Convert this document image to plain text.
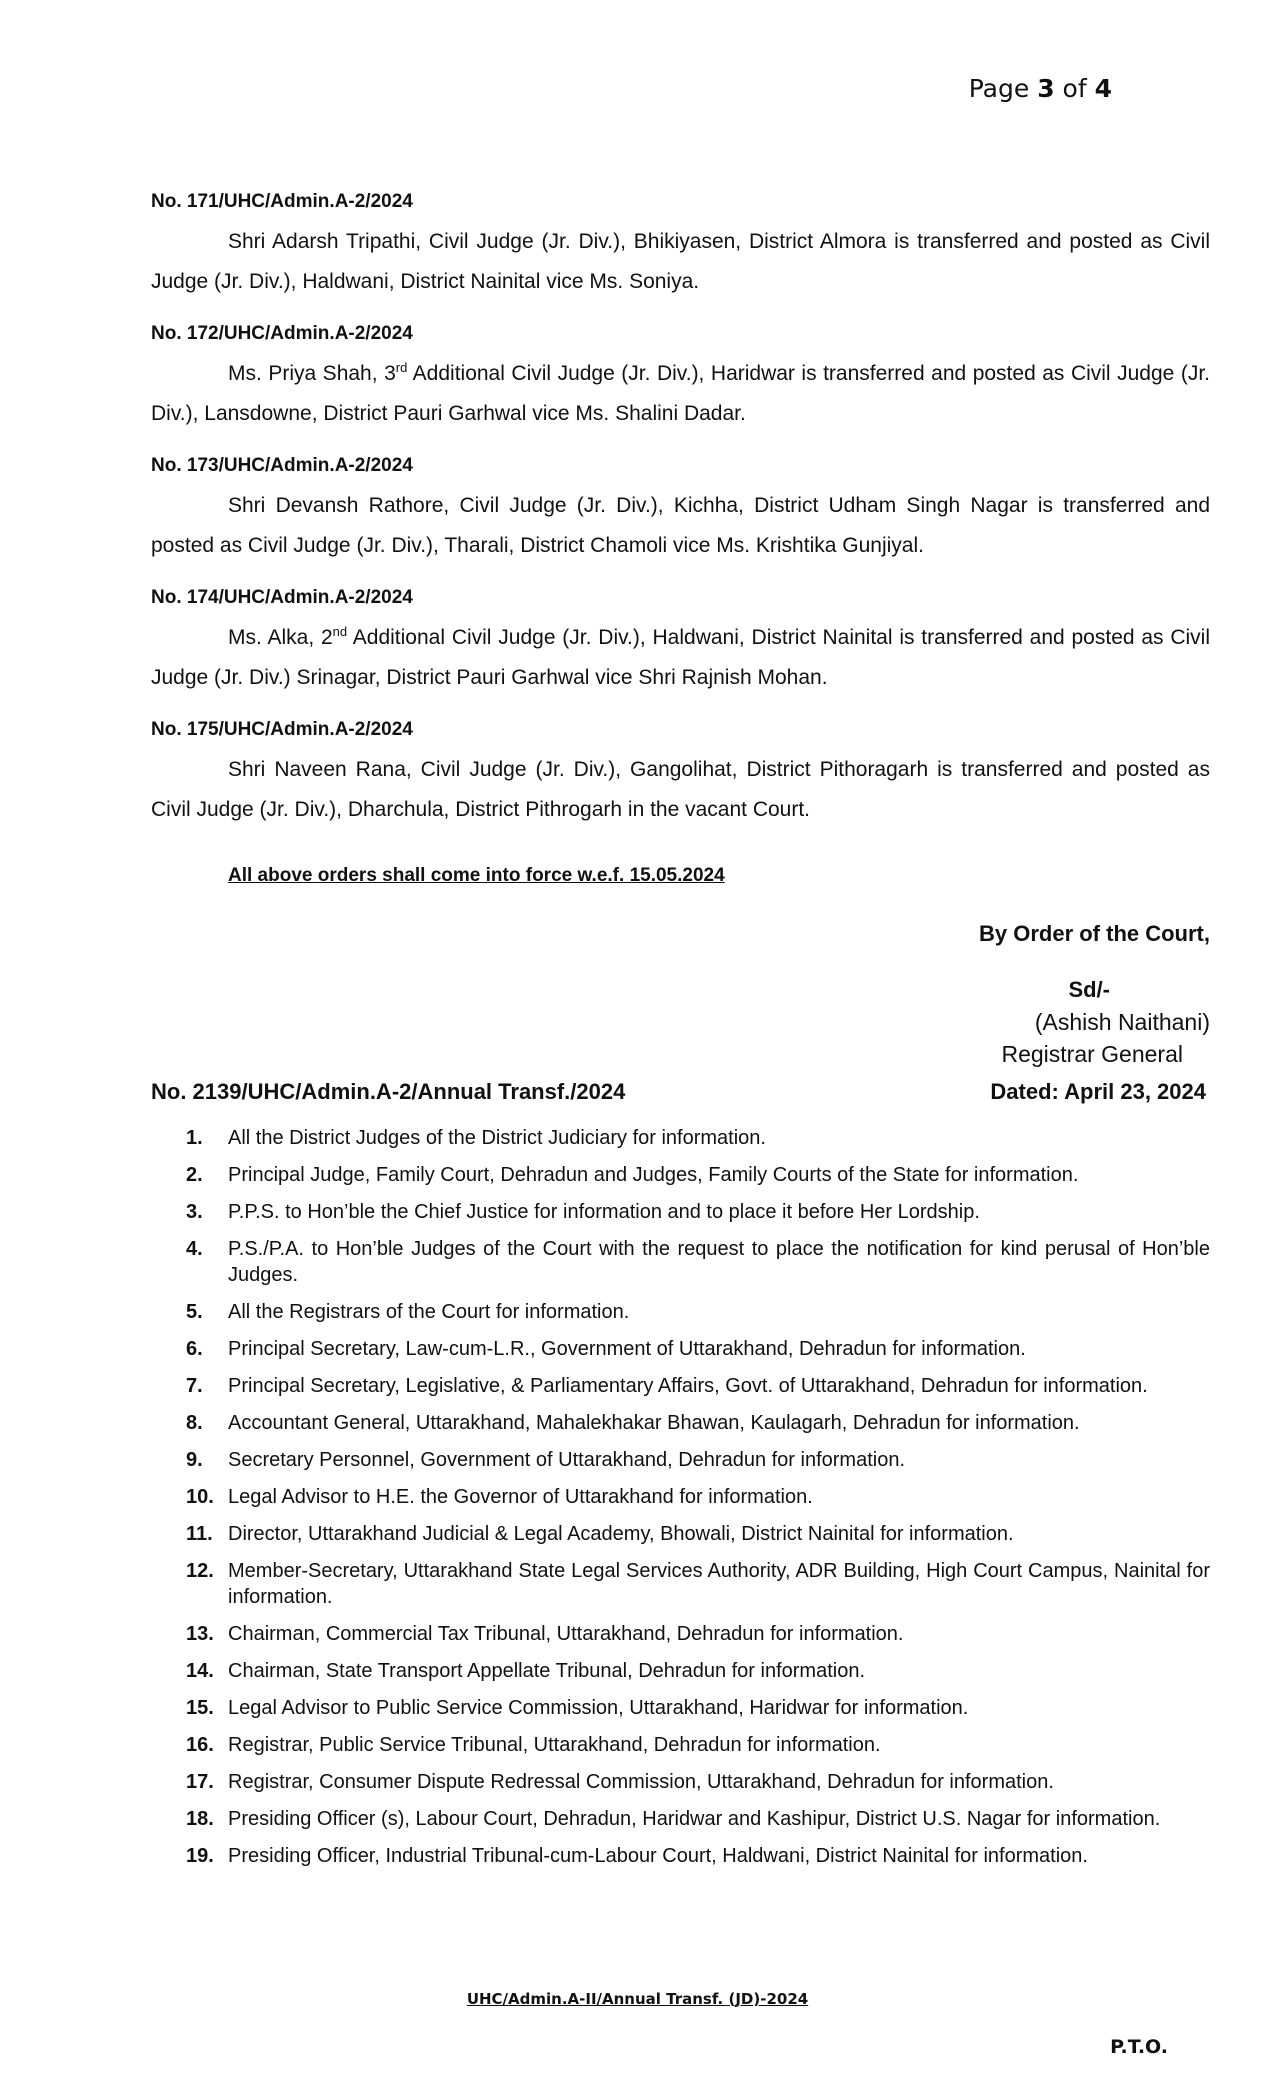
Page 3 of 4
No. 171/UHC/Admin.A-2/2024
Shri Adarsh Tripathi, Civil Judge (Jr. Div.), Bhikiyasen, District Almora is transferred and posted as Civil Judge (Jr. Div.), Haldwani, District Nainital vice Ms. Soniya.
No. 172/UHC/Admin.A-2/2024
Ms. Priya Shah, 3rd Additional Civil Judge (Jr. Div.), Haridwar is transferred and posted as Civil Judge (Jr. Div.), Lansdowne, District Pauri Garhwal vice Ms. Shalini Dadar.
No. 173/UHC/Admin.A-2/2024
Shri Devansh Rathore, Civil Judge (Jr. Div.), Kichha, District Udham Singh Nagar is transferred and posted as Civil Judge (Jr. Div.), Tharali, District Chamoli vice Ms. Krishtika Gunjiyal.
No. 174/UHC/Admin.A-2/2024
Ms. Alka, 2nd Additional Civil Judge (Jr. Div.), Haldwani, District Nainital is transferred and posted as Civil Judge (Jr. Div.) Srinagar, District Pauri Garhwal vice Shri Rajnish Mohan.
No. 175/UHC/Admin.A-2/2024
Shri Naveen Rana, Civil Judge (Jr. Div.), Gangolihat, District Pithoragarh is transferred and posted as Civil Judge (Jr. Div.), Dharchula, District Pithrogarh in the vacant Court.
All above orders shall come into force w.e.f. 15.05.2024
By Order of the Court,
Sd/-
(Ashish Naithani)
Registrar General
No. 2139/UHC/Admin.A-2/Annual Transf./2024	Dated: April 23, 2024
1.	All the District Judges of the District Judiciary for information.
2.	Principal Judge, Family Court, Dehradun and Judges, Family Courts of the State for information.
3.	P.P.S. to Hon’ble the Chief Justice for information and to place it before Her Lordship.
4.	P.S./P.A. to Hon’ble Judges of the Court with the request to place the notification for kind perusal of Hon’ble Judges.
5.	All the Registrars of the Court for information.
6.	Principal Secretary, Law-cum-L.R., Government of Uttarakhand, Dehradun for information.
7.	Principal Secretary, Legislative, & Parliamentary Affairs, Govt. of Uttarakhand, Dehradun for information.
8.	Accountant General, Uttarakhand, Mahalekhakar Bhawan, Kaulagarh, Dehradun for information.
9.	Secretary Personnel, Government of Uttarakhand, Dehradun for information.
10. Legal Advisor to H.E. the Governor of Uttarakhand for information.
11. Director, Uttarakhand Judicial & Legal Academy, Bhowali, District Nainital for information.
12. Member-Secretary, Uttarakhand State Legal Services Authority, ADR Building, High Court Campus, Nainital for information.
13. Chairman, Commercial Tax Tribunal, Uttarakhand, Dehradun for information.
14. Chairman, State Transport Appellate Tribunal, Dehradun for information.
15. Legal Advisor to Public Service Commission, Uttarakhand, Haridwar for information.
16. Registrar, Public Service Tribunal, Uttarakhand, Dehradun for information.
17. Registrar, Consumer Dispute Redressal Commission, Uttarakhand, Dehradun for information.
18. Presiding Officer (s), Labour Court, Dehradun, Haridwar and Kashipur, District U.S. Nagar for information.
19. Presiding Officer, Industrial Tribunal-cum-Labour Court, Haldwani, District Nainital for information.
UHC/Admin.A-II/Annual Transf. (JD)-2024
P.T.O.
